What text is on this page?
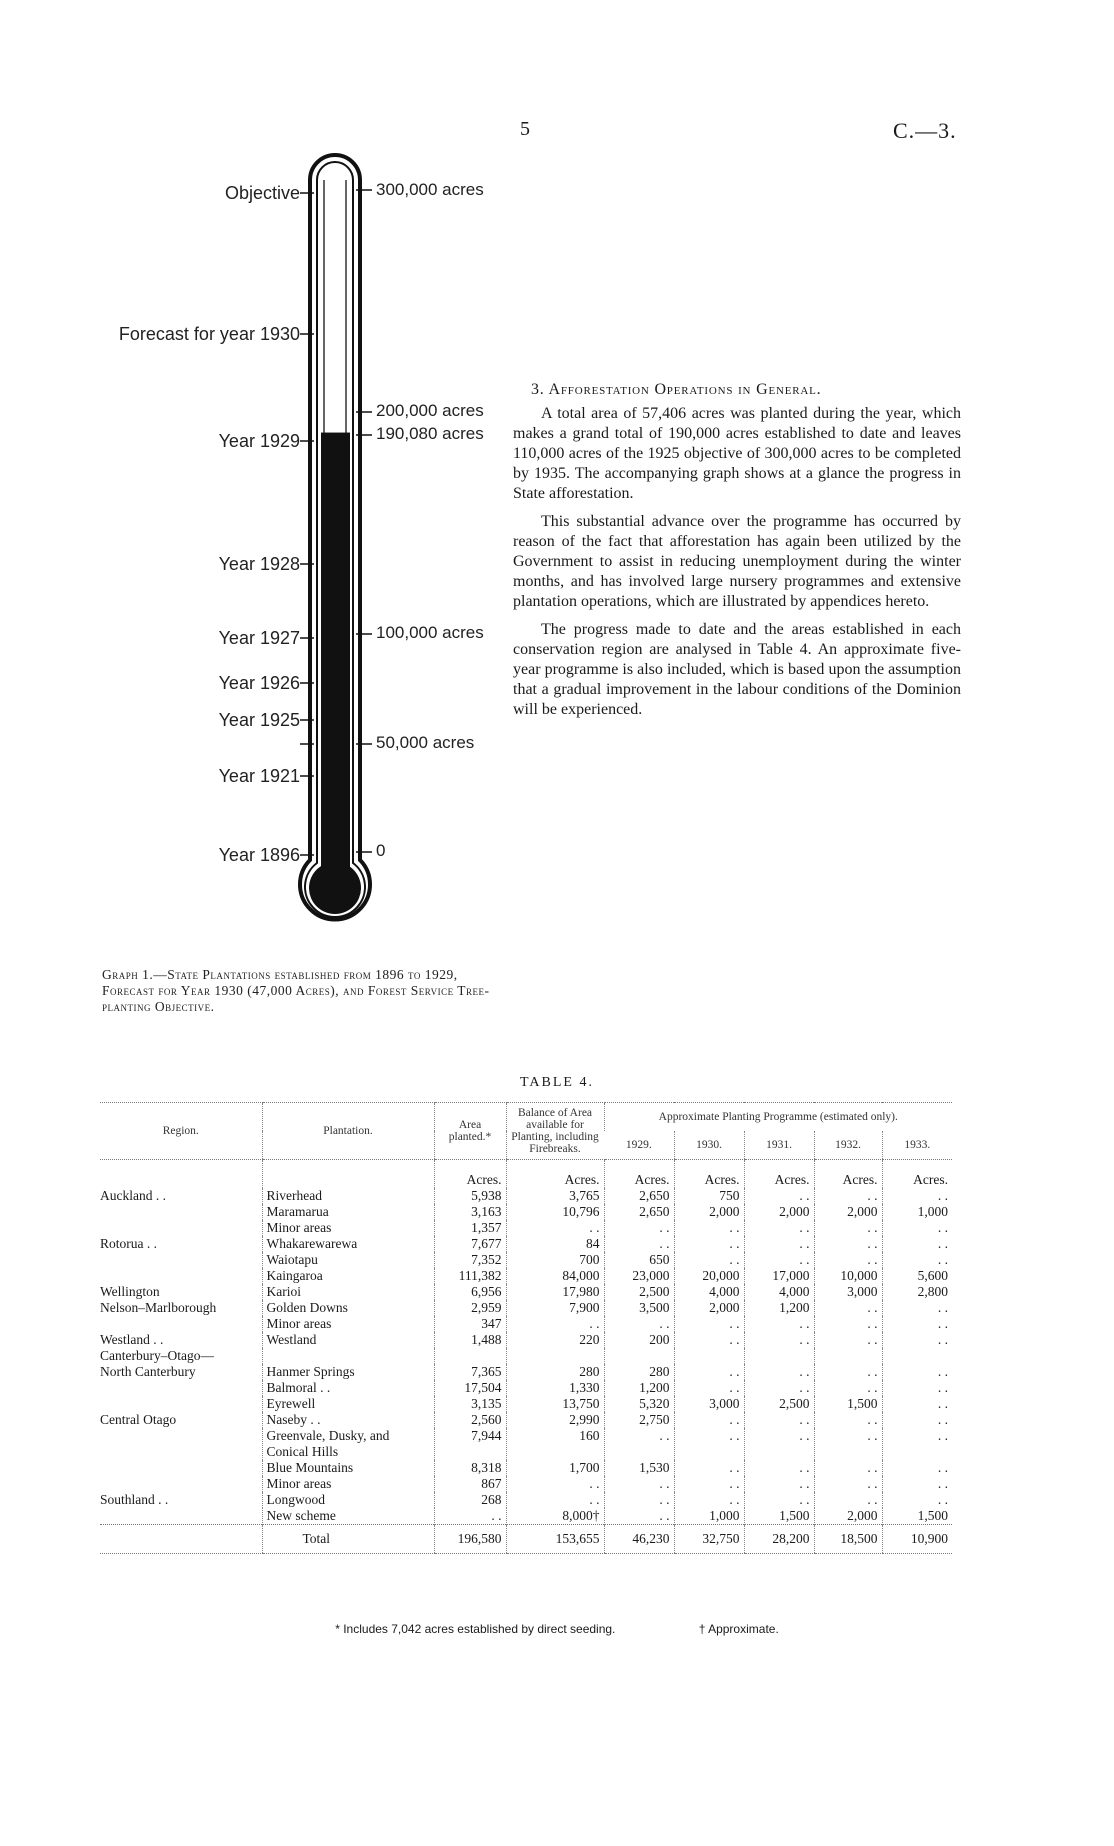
5	C.—3.
Objective
Forecast for year 1930
Year 1929
Year 1928
Year 1927
Year 1926
Year 1925
Year 1921
Year 1896
300,000 acres
200,000 acres
190,080 acres
100,000 acres
50,000 acres
0
Graph 1.—State Plantations established from 1896 to 1929, Forecast for Year 1930 (47,000 Acres), and Forest Service Tree-planting Objective.
3. Afforestation Operations in General.

A total area of 57,406 acres was planted during the year, which makes a grand total of 190,000 acres established to date and leaves 110,000 acres of the 1925 objective of 300,000 acres to be completed by 1935. The accompanying graph shows at a glance the progress in State afforestation.

This substantial advance over the programme has occurred by reason of the fact that afforestation has again been utilized by the Government to assist in reducing unemployment during the winter months, and has involved large nursery programmes and extensive plantation operations, which are illustrated by appendices hereto.

The progress made to date and the areas established in each conservation region are analysed in Table 4. An approximate five-year programme is also included, which is based upon the assumption that a gradual improvement in the labour conditions of the Dominion will be experienced.

TABLE 4.
Region.	Plantation.	Area planted.*	Balance of Area available for Planting, including Firebreaks.	Approximate Planting Programme (estimated only).				
				1929.	1930.	1931.	1932.	1933.
		Acres.	Acres.	Acres.	Acres.	Acres.	Acres.	Acres.
Auckland . .	Riverhead	5,938	3,765	2,650	750	. .	. .	. .
	Maramarua	3,163	10,796	2,650	2,000	2,000	2,000	1,000
	Minor areas	1,357	. .	. .	. .	. .	. .	. .
Rotorua . .	Whakarewarewa	7,677	84	. .	. .	. .	. .	. .
	Waiotapu	7,352	700	650	. .	. .	. .	. .
	Kaingaroa	111,382	84,000	23,000	20,000	17,000	10,000	5,600
Wellington	Karioi	6,956	17,980	2,500	4,000	4,000	3,000	2,800
Nelson–Marlborough	Golden Downs	2,959	7,900	3,500	2,000	1,200	. .	. .
	Minor areas	347	. .	. .	. .	. .	. .	. .
Westland . .	Westland	1,488	220	200	. .	. .	. .	. .
Canterbury–Otago—								
North Canterbury	Hanmer Springs	7,365	280	280	. .	. .	. .	. .
	Balmoral . .	17,504	1,330	1,200	. .	. .	. .	. .
	Eyrewell	3,135	13,750	5,320	3,000	2,500	1,500	. .
Central Otago	Naseby . .	2,560	2,990	2,750	. .	. .	. .	. .
	Greenvale, Dusky, and Conical Hills	7,944	160	. .	. .	. .	. .	. .
	Blue Mountains	8,318	1,700	1,530	. .	. .	. .	. .
	Minor areas	867	. .	. .	. .	. .	. .	. .
Southland . .	Longwood	268	. .	. .	. .	. .	. .	. .
	New scheme	. .	8,000†	. .	1,000	1,500	2,000	1,500
	Total	196,580	153,655	46,230	32,750	28,200	18,500	10,900
* Includes 7,042 acres established by direct seeding.	† Approximate.
